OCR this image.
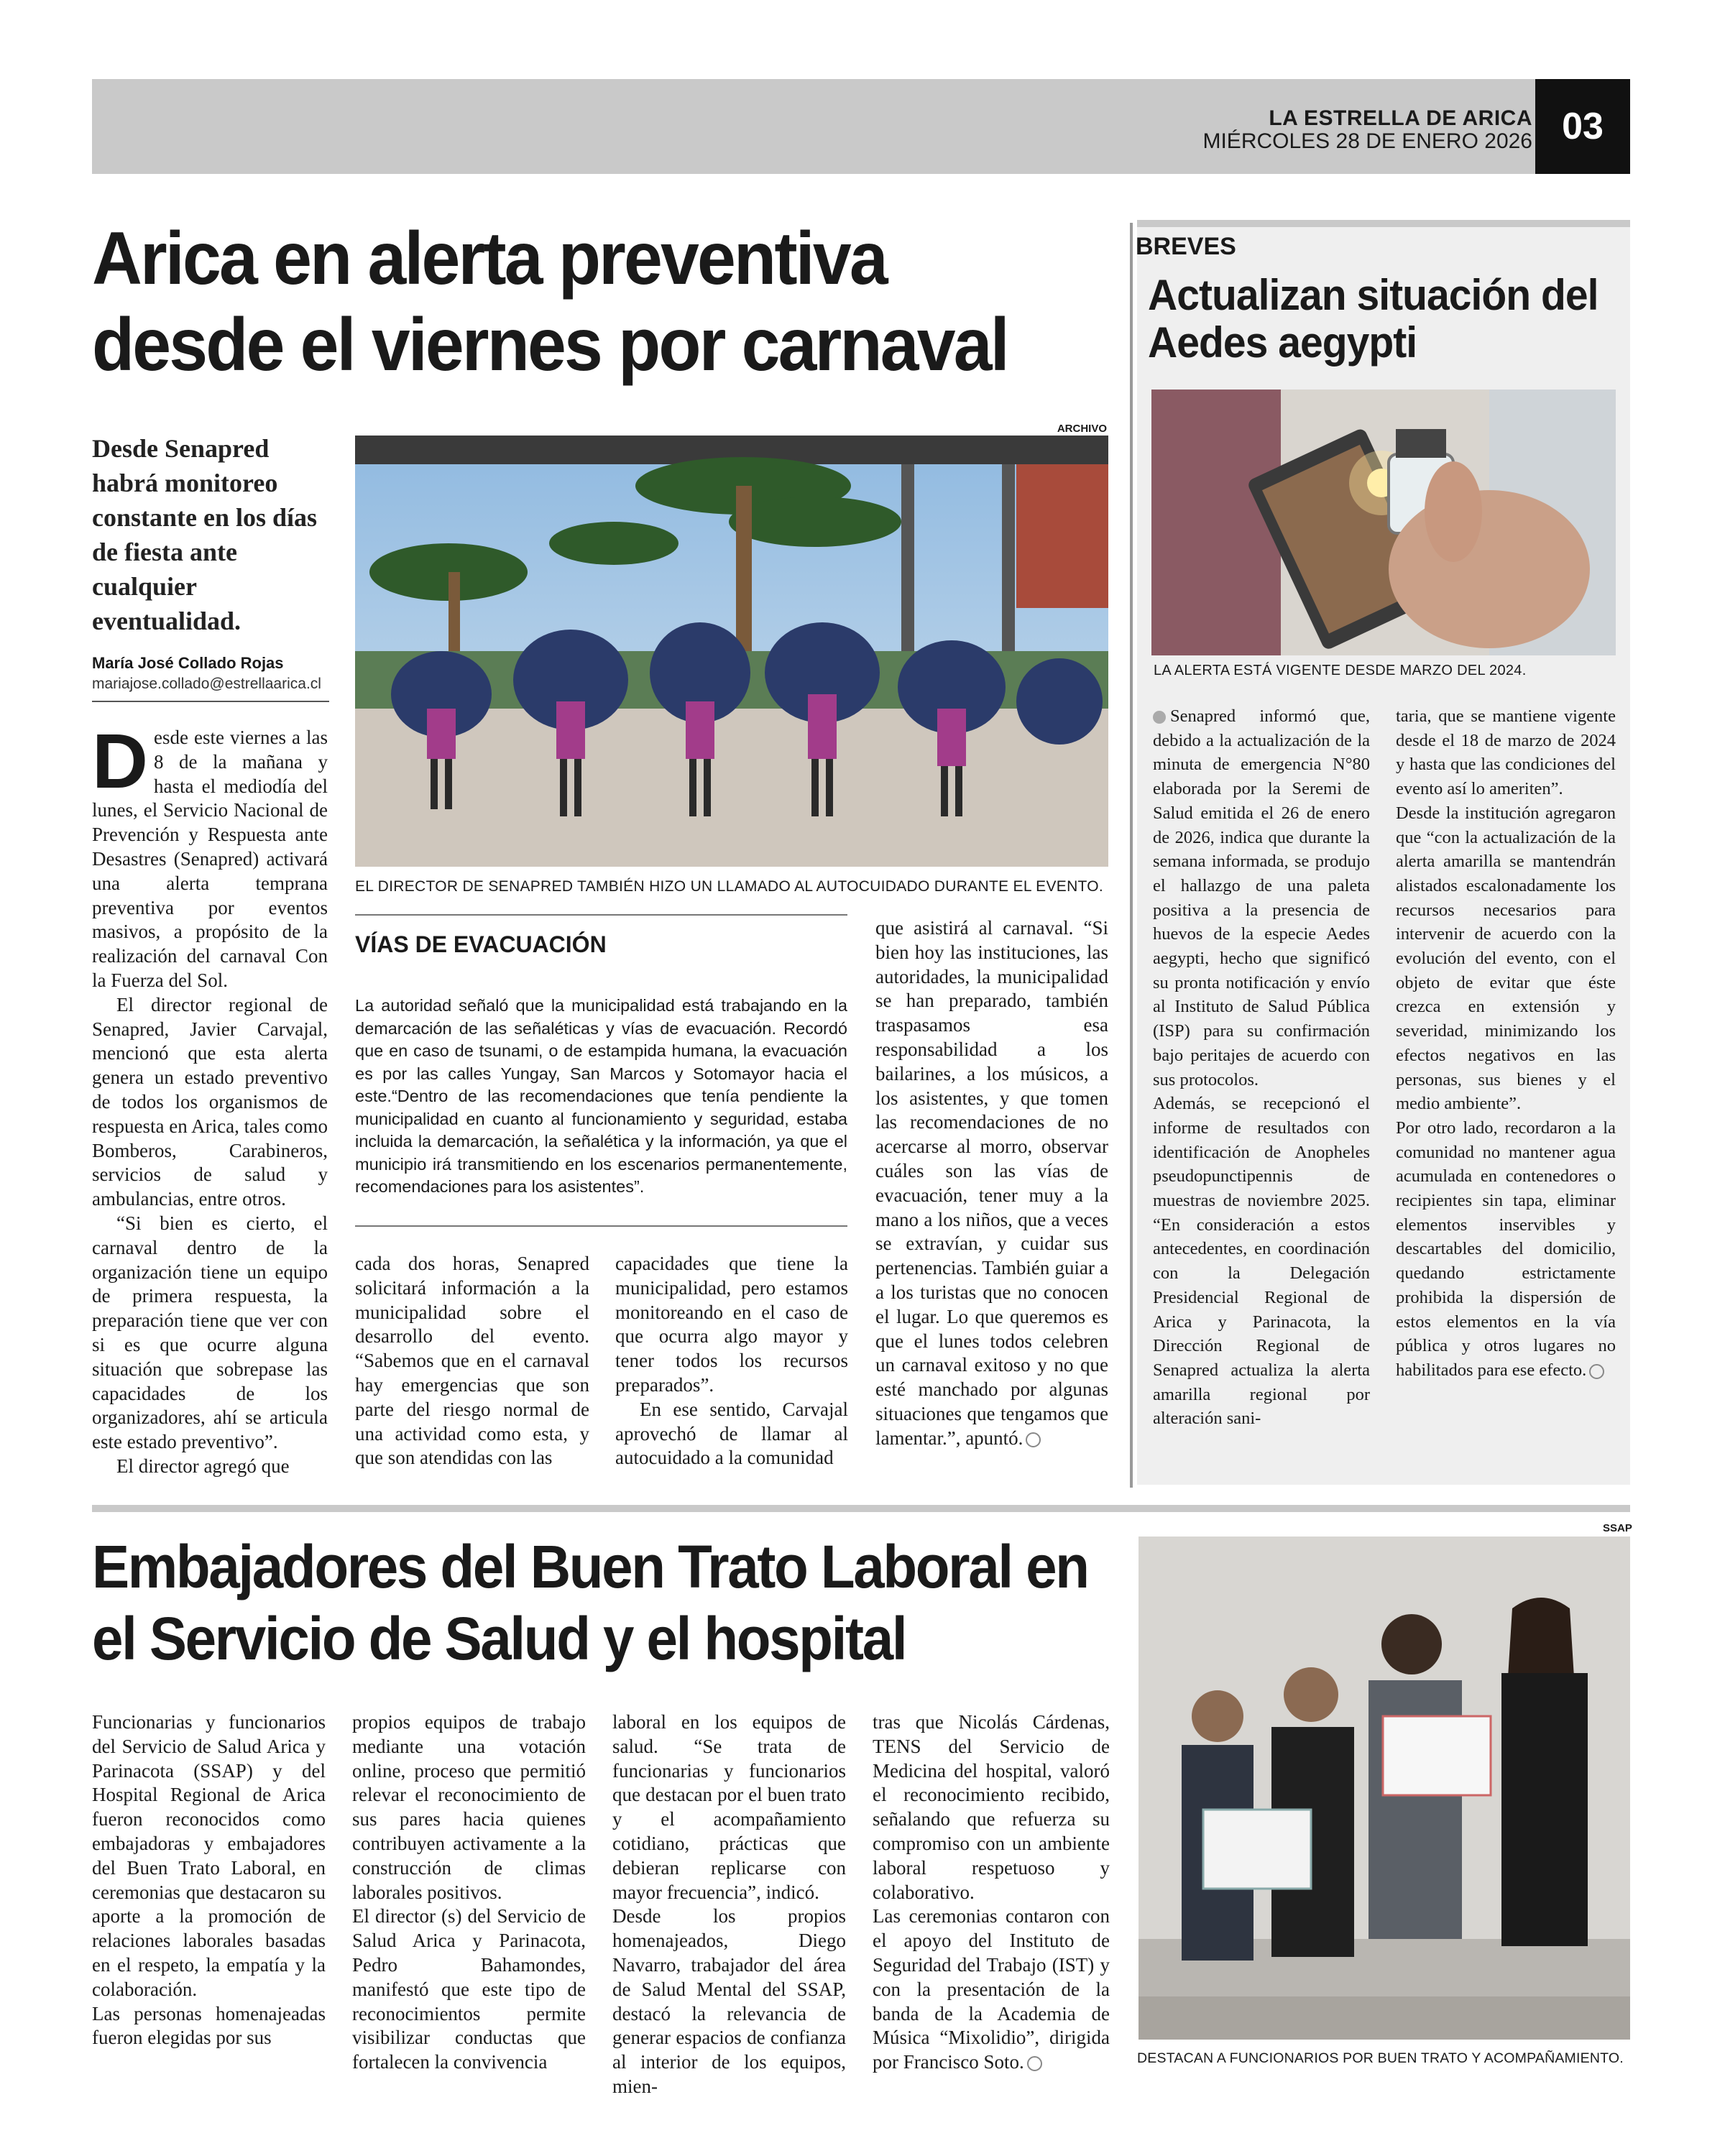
LA ESTRELLA DE ARICA
MIÉRCOLES 28 DE ENERO 2026 03
Arica en alerta preventiva desde el viernes por carnaval
Desde Senapred habrá monitoreo constante en los días de fiesta ante cualquier eventualidad.
María José Collado Rojas
mariajose.collado@estrellaarica.cl
ARCHIVO
EL DIRECTOR DE SENAPRED TAMBIÉN HIZO UN LLAMADO AL AUTOCUIDADO DURANTE EL EVENTO.

Desde este viernes a las 8 de la mañana y hasta el mediodía del lunes, el Servicio Nacional de Prevención y Respuesta ante Desastres (Senapred) activará una alerta temprana preventiva por eventos masivos, a propósito de la realización del carnaval Con la Fuerza del Sol.

El director regional de Senapred, Javier Carvajal, mencionó que esta alerta genera un estado preventivo de todos los organismos de respuesta en Arica, tales como Bomberos, Carabineros, servicios de salud y ambulancias, entre otros.

“Si bien es cierto, el carnaval dentro de la organización tiene un equipo de primera respuesta, la preparación tiene que ver con si es que ocurre alguna situación que sobrepase las capacidades de los organizadores, ahí se articula este estado preventivo”.

El director agregó que

VÍAS DE EVACUACIÓN
La autoridad señaló que la municipalidad está trabajando en la demarcación de las señaléticas y vías de evacuación. Recordó que en caso de tsunami, o de estampida humana, la evacuación es por las calles Yungay, San Marcos y Sotomayor hacia el este.“Dentro de las recomendaciones que tenía pendiente la municipalidad en cuanto al funcionamiento y seguridad, estaba incluida la demarcación, la señalética y la información, ya que el municipio irá transmitiendo en los escenarios permanentemente, recomendaciones para los asistentes”.

cada dos horas, Senapred solicitará información a la municipalidad sobre el desarrollo del evento. “Sabemos que en el carnaval hay emergencias que son parte del riesgo normal de una actividad como esta, y que son atendidas con las

capacidades que tiene la municipalidad, pero estamos monitoreando en el caso de que ocurra algo mayor y tener todos los recursos preparados”.

En ese sentido, Carvajal aprovechó de llamar al autocuidado a la comunidad

que asistirá al carnaval. “Si bien hoy las instituciones, las autoridades, la municipalidad se han preparado, también traspasamos esa responsabilidad a los bailarines, a los músicos, a los asistentes, y que tomen las recomendaciones de no acercarse al morro, observar cuáles son las vías de evacuación, tener muy a la mano a los niños, que a veces se extravían, y cuidar sus pertenencias. También guiar a a los turistas que no conocen el lugar. Lo que queremos es que el lunes todos celebren un carnaval exitoso y no que esté manchado por algunas situaciones que tengamos que lamentar.”, apuntó.

BREVES
Actualizan situación del Aedes aegypti
LA ALERTA ESTÁ VIGENTE DESDE MARZO DEL 2024.

Senapred informó que, debido a la actualización de la minuta de emergencia N°80 elaborada por la Seremi de Salud emitida el 26 de enero de 2026, indica que durante la semana informada, se produjo el hallazgo de una paleta positiva a la presencia de huevos de la especie Aedes aegypti, hecho que significó su pronta notificación y envío al Instituto de Salud Pública (ISP) para su confirmación bajo peritajes de acuerdo con sus protocolos.

Además, se recepcionó el informe de resultados con identificación de Anopheles pseudopunctipennis de muestras de noviembre 2025. “En consideración a estos antecedentes, en coordinación con la Delegación Presidencial Regional de Arica y Parinacota, la Dirección Regional de Senapred actualiza la alerta amarilla regional por alteración sani-

taria, que se mantiene vigente desde el 18 de marzo de 2024 y hasta que las condiciones del evento así lo ameriten”.

Desde la institución agregaron que “con la actualización de la alerta amarilla se mantendrán alistados escalonadamente los recursos necesarios para intervenir de acuerdo con la evolución del evento, con el objeto de evitar que éste crezca en extensión y severidad, minimizando los efectos negativos en las personas, sus bienes y el medio ambiente”.

Por otro lado, recordaron a la comunidad no mantener agua acumulada en contenedores o recipientes sin tapa, eliminar elementos inservibles y descartables del domicilio, quedando estrictamente prohibida la dispersión de estos elementos en la vía pública y otros lugares no habilitados para ese efecto.

Embajadores del Buen Trato Laboral en el Servicio de Salud y el hospital
SSAP
DESTACAN A FUNCIONARIOS POR BUEN TRATO Y ACOMPAÑAMIENTO.

Funcionarias y funcionarios del Servicio de Salud Arica y Parinacota (SSAP) y del Hospital Regional de Arica fueron reconocidos como embajadoras y embajadores del Buen Trato Laboral, en ceremonias que destacaron su aporte a la promoción de relaciones laborales basadas en el respeto, la empatía y la colaboración.

Las personas homenajeadas fueron elegidas por sus

propios equipos de trabajo mediante una votación online, proceso que permitió relevar el reconocimiento de sus pares hacia quienes contribuyen activamente a la construcción de climas laborales positivos.

El director (s) del Servicio de Salud Arica y Parinacota, Pedro Bahamondes, manifestó que este tipo de reconocimientos permite visibilizar conductas que fortalecen la convivencia

laboral en los equipos de salud. “Se trata de funcionarias y funcionarios que destacan por el buen trato y el acompañamiento cotidiano, prácticas que debieran replicarse con mayor frecuencia”, indicó.

Desde los propios homenajeados, Diego Navarro, trabajador del área de Salud Mental del SSAP, destacó la relevancia de generar espacios de confianza al interior de los equipos, mien-

tras que Nicolás Cárdenas, TENS del Servicio de Medicina del hospital, valoró el reconocimiento recibido, señalando que refuerza su compromiso con un ambiente laboral respetuoso y colaborativo.

Las ceremonias contaron con el apoyo del Instituto de Seguridad del Trabajo (IST) y con la presentación de la banda de la Academia de Música “Mixolidio”, dirigida por Francisco Soto.
